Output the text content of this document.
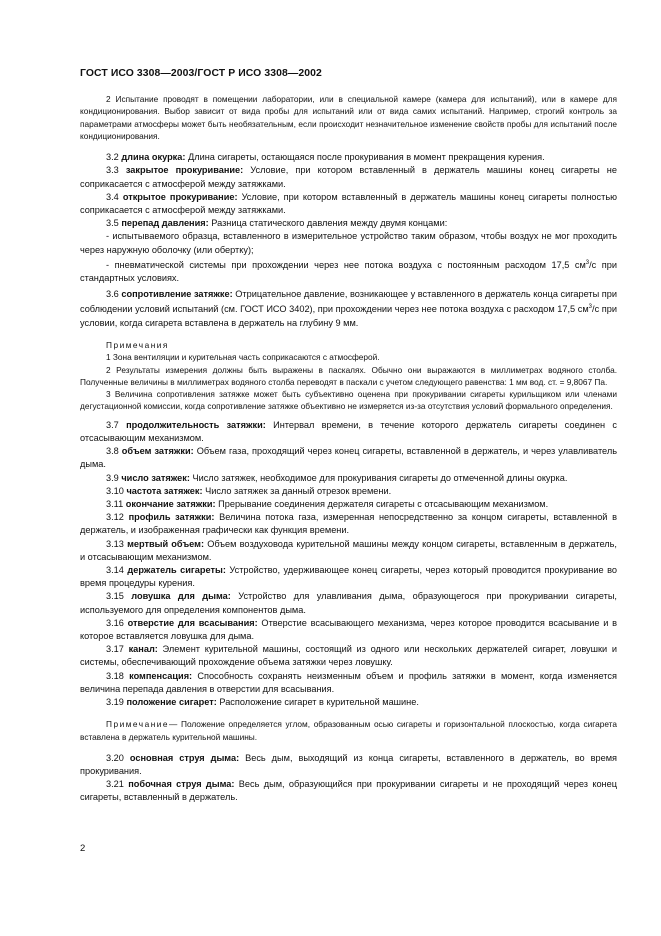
ГОСТ ИСО 3308—2003/ГОСТ Р ИСО 3308—2002

2 Испытание проводят в помещении лаборатории, или в специальной камере (камера для испытаний), или в камере для кондиционирования. Выбор зависит от вида пробы для испытаний или от вида самих испытаний. Например, строгий контроль за параметрами атмосферы может быть необязательным, если происходит незначительное изменение свойств пробы для испытаний после кондиционирования.

3.2 длина окурка: Длина сигареты, остающаяся после прокуривания в момент прекращения курения.

3.3 закрытое прокуривание: Условие, при котором вставленный в держатель машины конец сигареты не соприкасается с атмосферой между затяжками.

3.4 открытое прокуривание: Условие, при котором вставленный в держатель машины конец сигареты полностью соприкасается с атмосферой между затяжками.

3.5 перепад давления: Разница статического давления между двумя концами:

- испытываемого образца, вставленного в измерительное устройство таким образом, чтобы воздух не мог проходить через наружную оболочку (или обертку);

- пневматической системы при прохождении через нее потока воздуха с постоянным расходом 17,5 $см^3/с$ при стандартных условиях.

3.6 сопротивление затяжке: Отрицательное давление, возникающее у вставленного в держатель конца сигареты при соблюдении условий испытаний (см. ГОСТ ИСО 3402), при прохождении через нее потока воздуха с расходом 17,5 $см^3/с$ при условии, когда сигарета вставлена в держатель на глубину 9 мм.

Примечания

1 Зона вентиляции и курительная часть соприкасаются с атмосферой.

2 Результаты измерения должны быть выражены в паскалях. Обычно они выражаются в миллиметрах водяного столба. Полученные величины в миллиметрах водяного столба переводят в паскали с учетом следующего равенства: 1 мм вод. ст. = 9,8067 Па.

3 Величина сопротивления затяжке может быть субъективно оценена при прокуривании сигареты курильщиком или членами дегустационной комиссии, когда сопротивление затяжке объективно не измеряется из-за отсутствия условий формального определения.

3.7 продолжительность затяжки: Интервал времени, в течение которого держатель сигареты соединен с отсасывающим механизмом.

3.8 объем затяжки: Объем газа, проходящий через конец сигареты, вставленной в держатель, и через улавливатель дыма.

3.9 число затяжек: Число затяжек, необходимое для прокуривания сигареты до отмеченной длины окурка.

3.10 частота затяжек: Число затяжек за данный отрезок времени.

3.11 окончание затяжки: Прерывание соединения держателя сигареты с отсасывающим механизмом.

3.12 профиль затяжки: Величина потока газа, измеренная непосредственно за концом сигареты, вставленной в держатель, и изображенная графически как функция времени.

3.13 мертвый объем: Объем воздуховода курительной машины между концом сигареты, вставленным в держатель, и отсасывающим механизмом.

3.14 держатель сигареты: Устройство, удерживающее конец сигареты, через который проводится прокуривание во время процедуры курения.

3.15 ловушка для дыма: Устройство для улавливания дыма, образующегося при прокуривании сигареты, используемого для определения компонентов дыма.

3.16 отверстие для всасывания: Отверстие всасывающего механизма, через которое проводится всасывание и в которое вставляется ловушка для дыма.

3.17 канал: Элемент курительной машины, состоящий из одного или нескольких держателей сигарет, ловушки и системы, обеспечивающий прохождение объема затяжки через ловушку.

3.18 компенсация: Способность сохранять неизменным объем и профиль затяжки в момент, когда изменяется величина перепада давления в отверстии для всасывания.

3.19 положение сигарет: Расположение сигарет в курительной машине.

Примечание— Положение определяется углом, образованным осью сигареты и горизонтальной плоскостью, когда сигарета вставлена в держатель курительной машины.

3.20 основная струя дыма: Весь дым, выходящий из конца сигареты, вставленного в держатель, во время прокуривания.

3.21 побочная струя дыма: Весь дым, образующийся при прокуривании сигареты и не проходящий через конец сигареты, вставленный в держатель.

2
